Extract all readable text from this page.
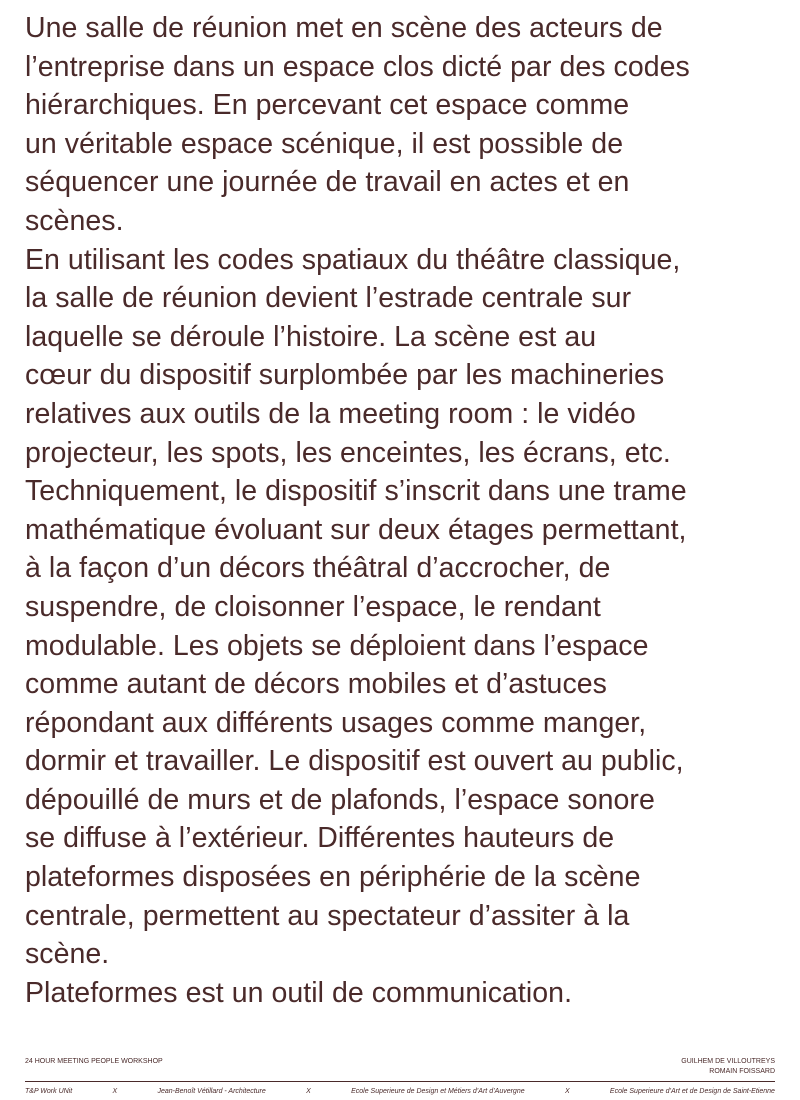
Une salle de réunion met en scène des acteurs de
l’entreprise dans un espace clos dicté par des codes
hiérarchiques. En percevant cet espace comme
un véritable espace scénique, il est possible de
séquencer une journée de travail en actes et en
scènes.
En utilisant les codes spatiaux du théâtre classique,
la salle de réunion devient l’estrade centrale sur
laquelle se déroule l’histoire. La scène est au
cœur du dispositif surplombée par les machineries
relatives aux outils de la meeting room : le vidéo
projecteur, les spots, les enceintes, les écrans, etc.
Techniquement, le dispositif s’inscrit dans une trame
mathématique évoluant sur deux étages permettant,
à la façon d’un décors théâtral d’accrocher, de
suspendre, de cloisonner l’espace, le rendant
modulable. Les objets se déploient dans l’espace
comme autant de décors mobiles et d’astuces
répondant aux différents usages comme manger,
dormir et travailler. Le dispositif est ouvert au public,
dépouillé de murs et de plafonds, l’espace sonore
se diffuse à l’extérieur. Différentes hauteurs de
plateformes disposées en périphérie de la scène
centrale, permettent au spectateur d’assiter à la
scène.
Plateformes est un outil de communication.
24 HOUR MEETING PEOPLE WORKSHOP	GUILHEM DE VILLOUTREYS
ROMAIN FOISSARD
T&P Work UNit	X	Jean-Benoît Vétillard - Architecture	X	Ecole Superieure de Design et Métiers d’Art d’Auvergne	X	Ecole Superieure d’Art et de Design de Saint-Etienne
